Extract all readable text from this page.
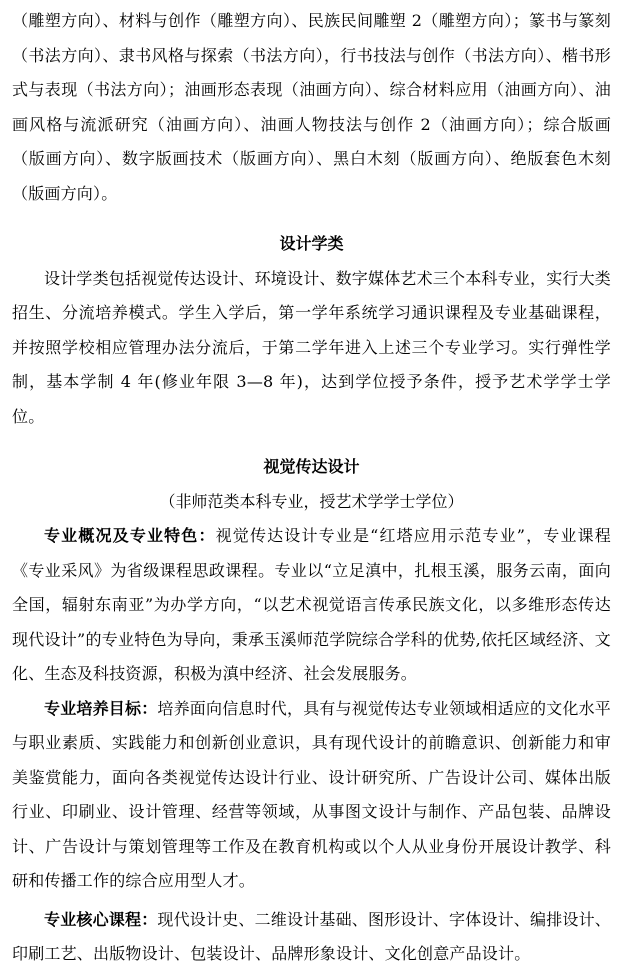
（雕塑方向）、材料与创作（雕塑方向）、民族民间雕塑 2（雕塑方向）；篆书与篆刻（书法方向）、隶书风格与探索（书法方向），行书技法与创作（书法方向）、楷书形式与表现（书法方向）；油画形态表现（油画方向）、综合材料应用（油画方向）、油画风格与流派研究（油画方向）、油画人物技法与创作 2（油画方向）；综合版画（版画方向）、数字版画技术（版画方向）、黑白木刻（版画方向）、绝版套色木刻（版画方向）。

设计学类

设计学类包括视觉传达设计、环境设计、数字媒体艺术三个本科专业，实行大类招生、分流培养模式。学生入学后，第一学年系统学习通识课程及专业基础课程，并按照学校相应管理办法分流后，于第二学年进入上述三个专业学习。实行弹性学制，基本学制 4 年(修业年限 3—8 年)，达到学位授予条件，授予艺术学学士学位。

视觉传达设计

（非师范类本科专业，授艺术学学士学位）

专业概况及专业特色：视觉传达设计专业是“红塔应用示范专业”，专业课程《专业采风》为省级课程思政课程。专业以“立足滇中，扎根玉溪，服务云南，面向全国，辐射东南亚”为办学方向，“以艺术视觉语言传承民族文化，以多维形态传达现代设计”的专业特色为导向，秉承玉溪师范学院综合学科的优势,依托区域经济、文化、生态及科技资源，积极为滇中经济、社会发展服务。

专业培养目标：培养面向信息时代，具有与视觉传达专业领域相适应的文化水平与职业素质、实践能力和创新创业意识，具有现代设计的前瞻意识、创新能力和审美鉴赏能力，面向各类视觉传达设计行业、设计研究所、广告设计公司、媒体出版行业、印刷业、设计管理、经营等领域，从事图文设计与制作、产品包装、品牌设计、广告设计与策划管理等工作及在教育机构或以个人从业身份开展设计教学、科研和传播工作的综合应用型人才。

专业核心课程：现代设计史、二维设计基础、图形设计、字体设计、编排设计、印刷工艺、出版物设计、包装设计、品牌形象设计、文化创意产品设计。
